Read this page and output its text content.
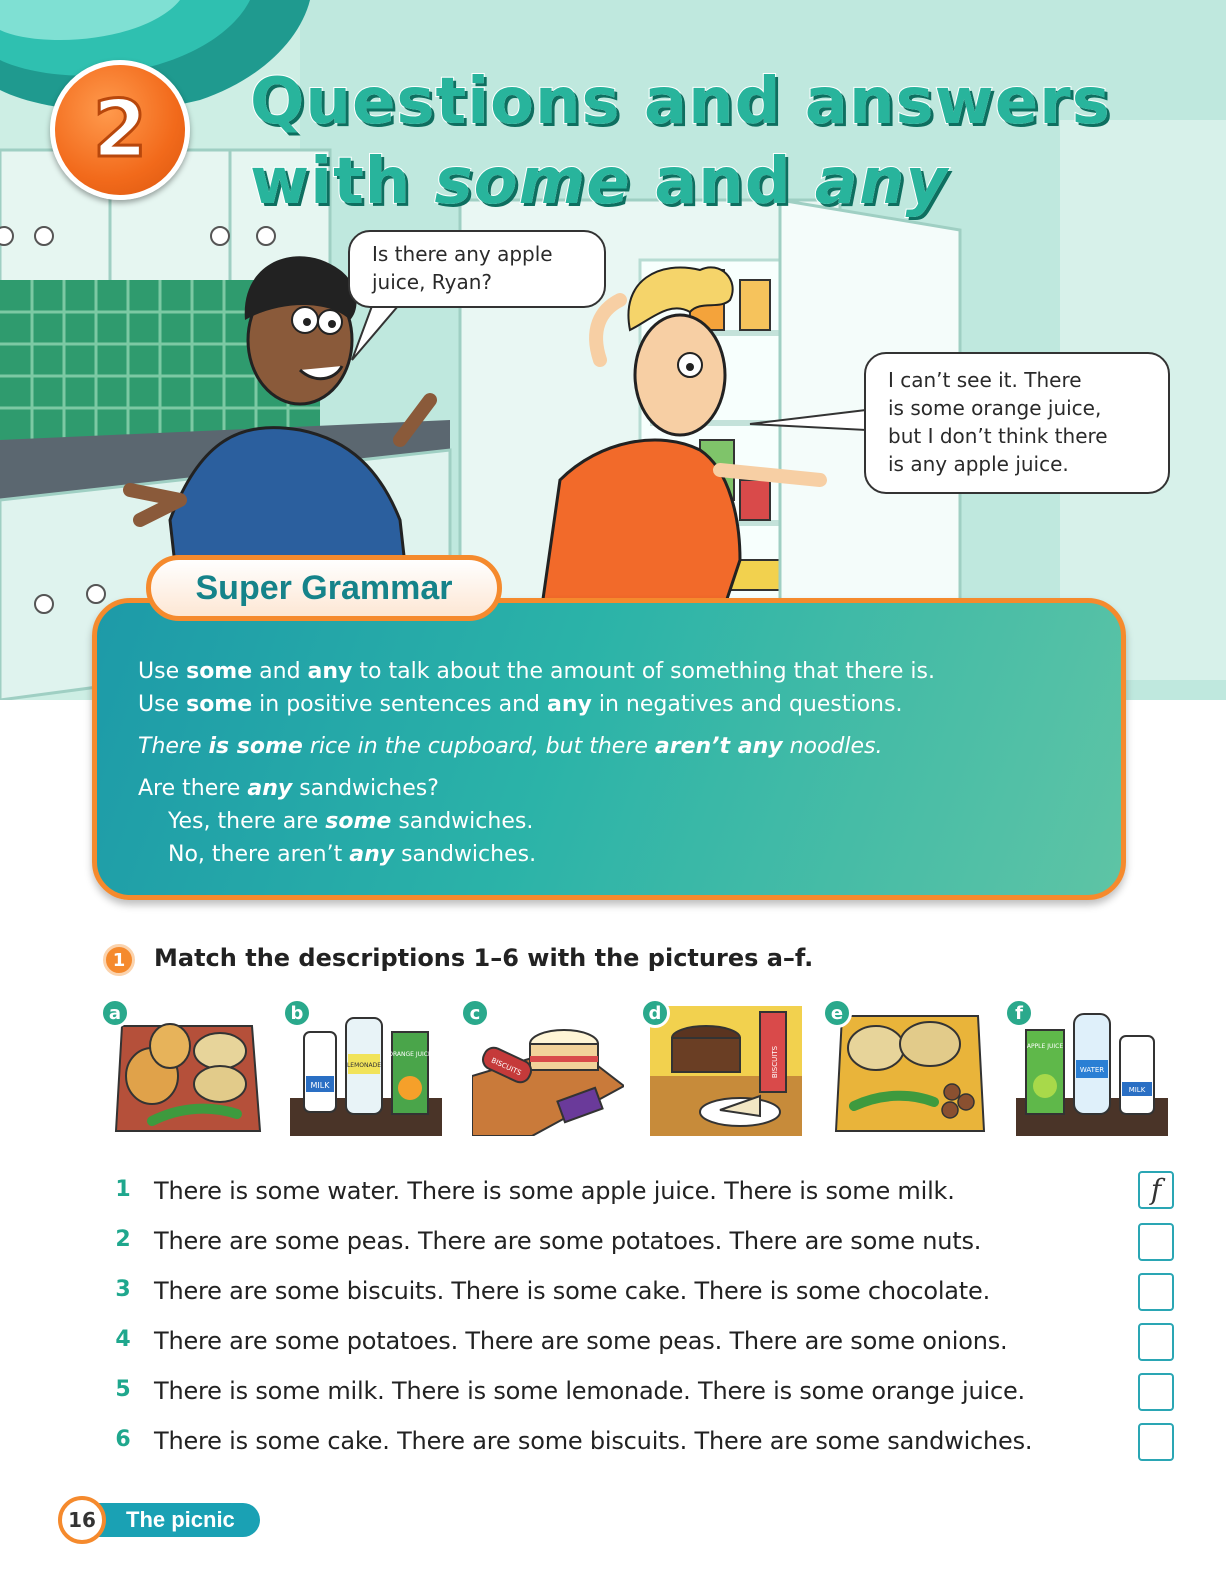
2 Questions and answers
with some and any

Is there any apple
juice, Ryan?

I can’t see it. There
is some orange juice,
but I don’t think there
is any apple juice.

Super Grammar

Use some and any to talk about the amount of something that there is.

Use some in positive sentences and any in negatives and questions.

There is some rice in the cupboard, but there aren’t any noodles.

Are there any sandwiches?

Yes, there are some sandwiches.

No, there aren’t any sandwiches.

1	Match the descriptions 1–6 with the pictures a–f.

a	b
MILK
LEMONADE
ORANGE JUICE
c
BISCUITS
d
BISCUITS
e	f
APPLE JUICE
WATER
MILK
1 There is some water. There is some apple juice. There is some milk.	f
2 There are some peas. There are some potatoes. There are some nuts.
3 There are some biscuits. There is some cake. There is some chocolate.
4 There are some potatoes. There are some peas. There are some onions.
5 There is some milk. There is some lemonade. There is some orange juice.
6 There is some cake. There are some biscuits. There are some sandwiches.
The picnic
16
